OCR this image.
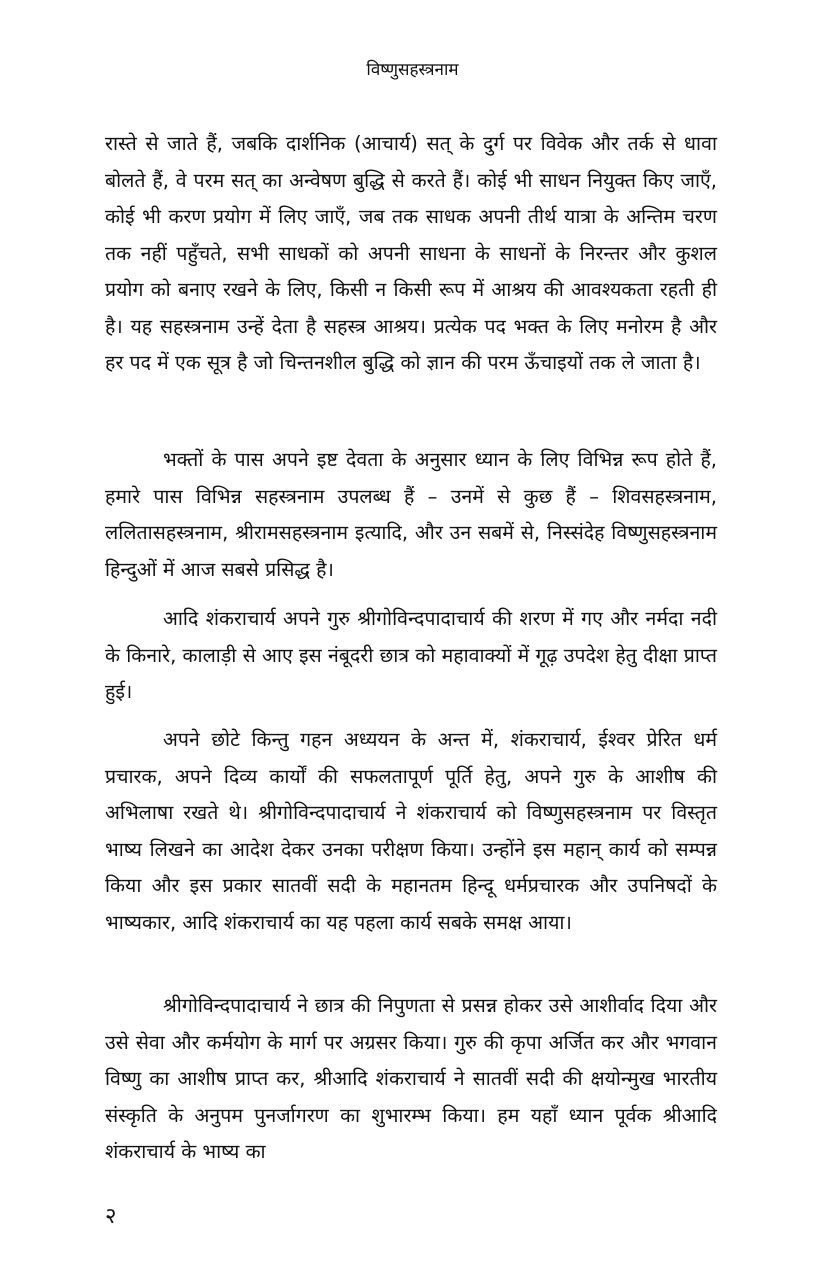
विष्णुसहस्त्रनाम

रास्ते से जाते हैं, जबकि दार्शनिक (आचार्य) सत् के दुर्ग पर विवेक और तर्क से धावा बोलते हैं, वे परम सत् का अन्वेषण बुद्धि से करते हैं। कोई भी साधन नियुक्त किए जाएँ, कोई भी करण प्रयोग में लिए जाएँ, जब तक साधक अपनी तीर्थ यात्रा के अन्तिम चरण तक नहीं पहुँचते, सभी साधकों को अपनी साधना के साधनों के निरन्तर और कुशल प्रयोग को बनाए रखने के लिए, किसी न किसी रूप में आश्रय की आवश्यकता रहती ही है। यह सहस्त्रनाम उन्हें देता है सहस्त्र आश्रय। प्रत्येक पद भक्त के लिए मनोरम है और हर पद में एक सूत्र है जो चिन्तनशील बुद्धि को ज्ञान की परम ऊँचाइयों तक ले जाता है।

भक्तों के पास अपने इष्ट देवता के अनुसार ध्यान के लिए विभिन्न रूप होते हैं, हमारे पास विभिन्न सहस्त्रनाम उपलब्ध हैं – उनमें से कुछ हैं – शिवसहस्त्रनाम, ललितासहस्त्रनाम, श्रीरामसहस्त्रनाम इत्यादि, और उन सबमें से, निस्संदेह विष्णुसहस्त्रनाम हिन्दुओं में आज सबसे प्रसिद्ध है।

आदि शंकराचार्य अपने गुरु श्रीगोविन्दपादाचार्य की शरण में गए और नर्मदा नदी के किनारे, कालाड़ी से आए इस नंबूदरी छात्र को महावाक्यों में गूढ़ उपदेश हेतु दीक्षा प्राप्त हुई।

अपने छोटे किन्तु गहन अध्ययन के अन्त में, शंकराचार्य, ईश्वर प्रेरित धर्म प्रचारक, अपने दिव्य कार्यों की सफलतापूर्ण पूर्ति हेतु, अपने गुरु के आशीष की अभिलाषा रखते थे। श्रीगोविन्दपादाचार्य ने शंकराचार्य को विष्णुसहस्त्रनाम पर विस्तृत भाष्य लिखने का आदेश देकर उनका परीक्षण किया। उन्होंने इस महान् कार्य को सम्पन्न किया और इस प्रकार सातवीं सदी के महानतम हिन्दू धर्मप्रचारक और उपनिषदों के भाष्यकार, आदि शंकराचार्य का यह पहला कार्य सबके समक्ष आया।

श्रीगोविन्दपादाचार्य ने छात्र की निपुणता से प्रसन्न होकर उसे आशीर्वाद दिया और उसे सेवा और कर्मयोग के मार्ग पर अग्रसर किया। गुरु की कृपा अर्जित कर और भगवान विष्णु का आशीष प्राप्त कर, श्रीआदि शंकराचार्य ने सातवीं सदी की क्षयोन्मुख भारतीय संस्कृति के अनुपम पुनर्जागरण का शुभारम्भ किया। हम यहाँ ध्यान पूर्वक श्रीआदि शंकराचार्य के भाष्य का

२
